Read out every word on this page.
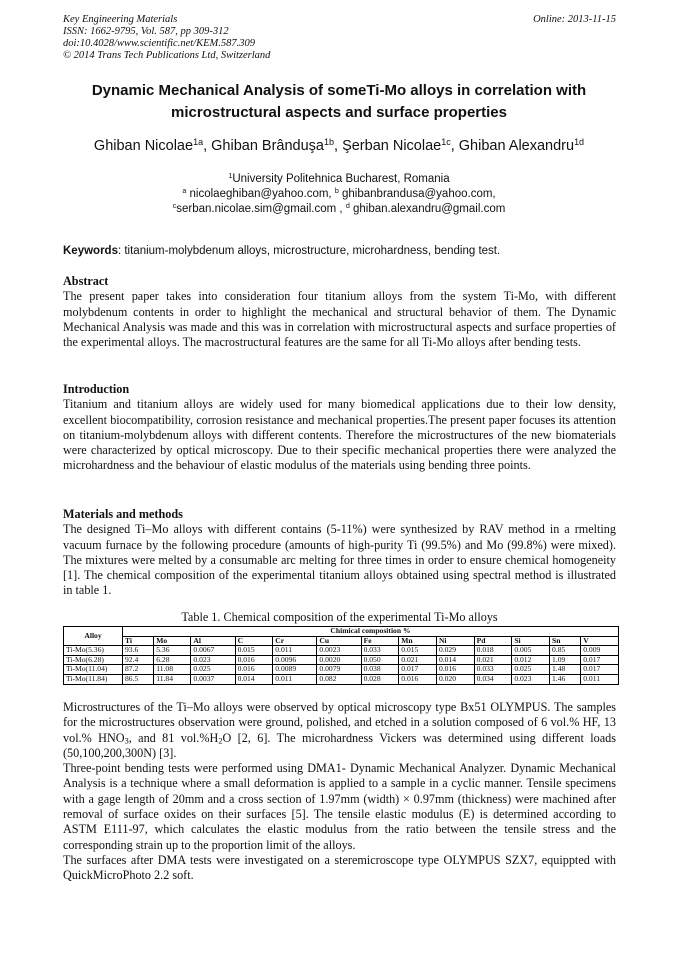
Key Engineering Materials
ISSN: 1662-9795, Vol. 587, pp 309-312
doi:10.4028/www.scientific.net/KEM.587.309
© 2014 Trans Tech Publications Ltd, Switzerland
Online: 2013-11-15
Dynamic Mechanical Analysis of someTi-Mo alloys in correlation with
microstructural aspects and surface properties
Ghiban Nicolae$^{1a}$, Ghiban Brânduşa$^{1b}$, Şerban Nicolae$^{1c}$, Ghiban Alexandru$^{1d}$
$^1$University Politehnica Bucharest, Romania
$^a$ nicolaeghiban@yahoo.com, $^b$ ghibanbrandusa@yahoo.com,
$^c$serban.nicolae.sim@gmail.com , $^d$ ghiban.alexandru@gmail.com
Keywords: titanium-molybdenum alloys, microstructure, microhardness, bending test.
Abstract

The present paper takes into consideration four titanium alloys from the system Ti-Mo, with different molybdenum contents in order to highlight the mechanical and structural behavior of them. The Dynamic Mechanical Analysis was made and this was in correlation with microstructural aspects and surface properties of the experimental alloys. The macrostructural features are the same for all Ti-Mo alloys after bending tests.

Introduction

Titanium and titanium alloys are widely used for many biomedical applications due to their low density, excellent biocompatibility, corrosion resistance and mechanical properties.The present paper focuses its attention on titanium-molybdenum alloys with different contents. Therefore the microstructures of the new biomaterials were characterized by optical microscopy. Due to their specific mechanical properties there were analyzed the microhardness and the behaviour of elastic modulus of the materials using bending three points.

Materials and methods

The designed Ti–Mo alloys with different contains (5-11%) were synthesized by RAV method in a rmelting vacuum furnace by the following procedure (amounts of high-purity Ti (99.5%) and Mo (99.8%) were mixed). The mixtures were melted by a consumable arc melting for three times in order to ensure chemical homogeneity [1]. The chemical composition of the experimental titanium alloys obtained using spectral method is illustrated in table 1.

Table 1. Chemical composition of the experimental Ti-Mo alloys
Alloy	Chimical composition %												
	Ti	Mo	Al	C	Cr	Cu	Fe	Mn	Ni	Pd	Si	Sn	V
Ti-Mo(5.36)	93.6	5.36	0.0067	0.015	0.011	0.0023	0.033	0.015	0.029	0.018	0.005	0.85	0.009
Ti-Mo(6.28)	92.4	6.28	0.023	0.016	0.0096	0.0020	0.050	0.021	0.014	0.021	0.012	1.09	0.017
Ti-Mo(11.04)	87.2	11.08	0.025	0.016	0.0089	0.0079	0.038	0.017	0.016	0.033	0.025	1.48	0.017
Ti-Mo(11.84)	86.5	11.84	0.0037	0.014	0.011	0.082	0.028	0.016	0.020	0.034	0.023	1.46	0.011

Microstructures of the Ti–Mo alloys were observed by optical microscopy type Bx51 OLYMPUS. The samples for the microstructures observation were ground, polished, and etched in a solution composed of 6 vol.% HF, 13 vol.% $HNO_3$, and 81 $vol.\%H_2O$ [2, 6]. The microhardness Vickers was determined using different loads (50,100,200,300N) [3].

Three-point bending tests were performed using DMA1- Dynamic Mechanical Analyzer. Dynamic Mechanical Analysis is a technique where a small deformation is applied to a sample in a cyclic manner. Tensile specimens with a gage length of 20mm and a cross section of 1.97mm (width) × 0.97mm (thickness) were machined after removal of surface oxides on their surfaces [5]. The tensile elastic modulus (E) is determined according to ASTM E111-97, which calculates the elastic modulus from the ratio between the tensile stress and the corresponding strain up to the proportion limit of the alloys.

The surfaces after DMA tests were investigated on a steremicroscope type OLYMPUS SZX7, equippted with QuickMicroPhoto 2.2 soft.
